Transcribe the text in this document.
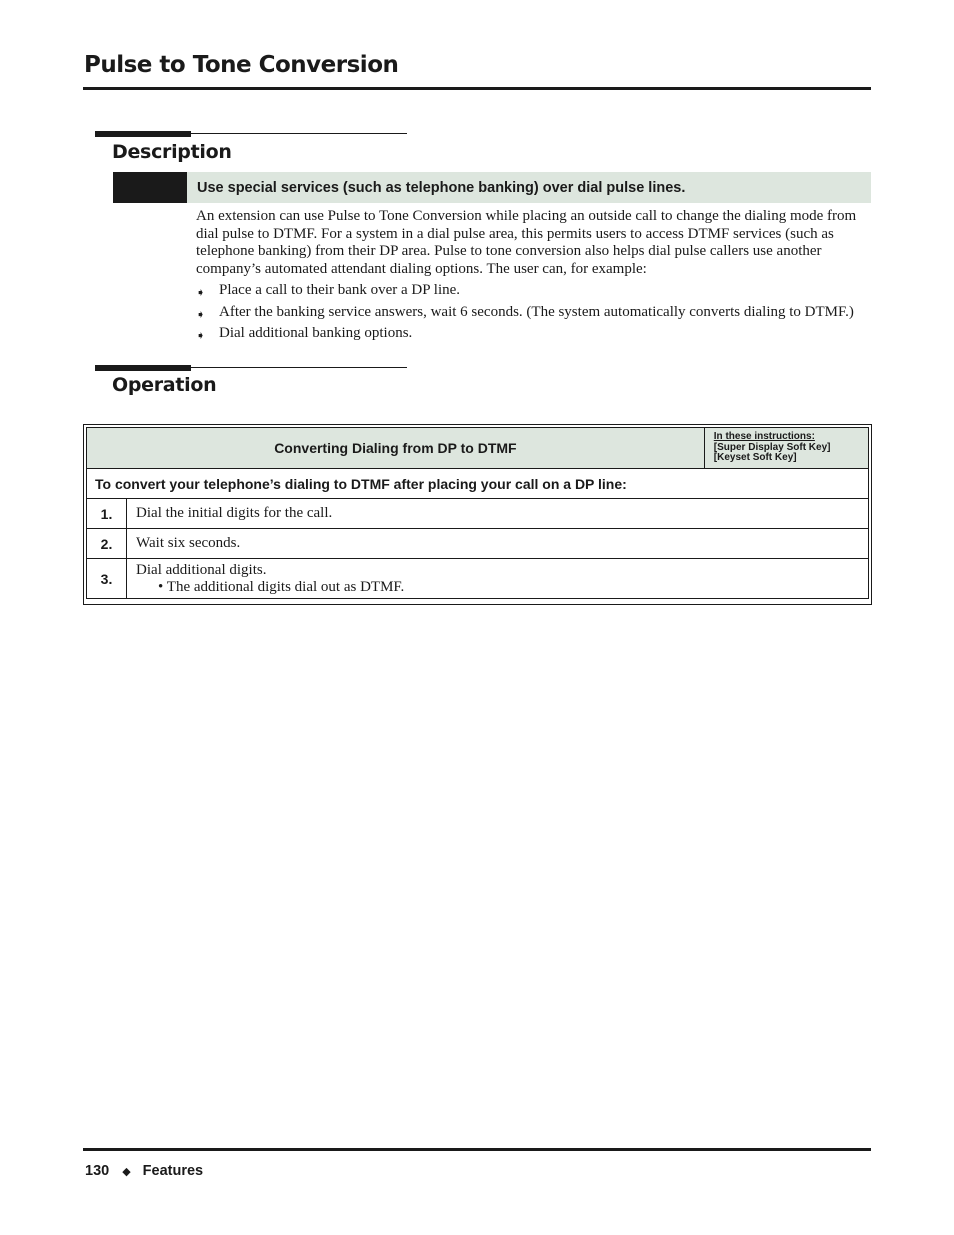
Pulse to Tone Conversion
Description
Use special services (such as telephone banking) over dial pulse lines.
An extension can use Pulse to Tone Conversion while placing an outside call to change the dialing mode from dial pulse to DTMF. For a system in a dial pulse area, this permits users to access DTMF services (such as telephone banking) from their DP area. Pulse to tone conversion also helps dial pulse callers use another company’s automated attendant dialing options. The user can, for example:
➧ Place a call to their bank over a DP line.
➧ After the banking service answers, wait 6 seconds. (The system automatically converts dialing to DTMF.)
➧ Dial additional banking options.
Operation
Converting Dialing from DP to DTMF		In these instructions:
[Super Display Soft Key]
[Keyset Soft Key]

To convert your telephone’s dialing to DTMF after placing your call on a DP line:		
1.	Dial the initial digits for the call.	
2.	Wait six seconds.	
3.	Dial additional digits.
• The additional digits dial out as DTMF.	
130 ◆ Features
